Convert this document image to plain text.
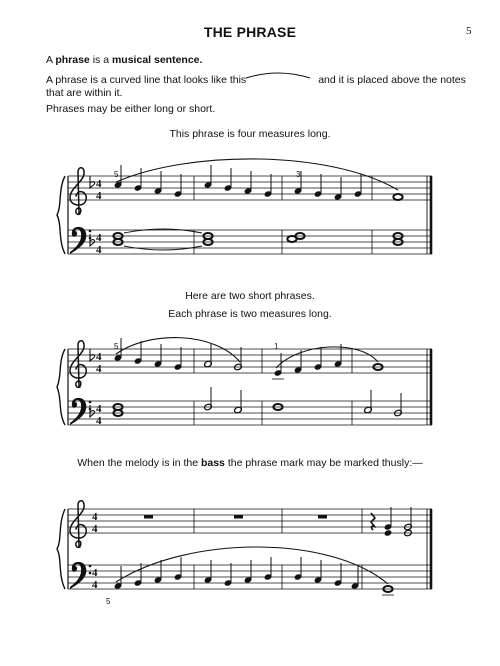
THE PHRASE	5

A phrase is a musical sentence.

A phrase is a curved line that looks like this	and it is placed above the notes that are within it.

Phrases may be either long or short.

This phrase is four measures long.

Here are two short phrases.

Each phrase is two measures long.

When the melody is in the bass the phrase mark may be marked thusly:—

4
4
4
4
5	3
4
4
4
4
5	1
4
4
4
4
5
